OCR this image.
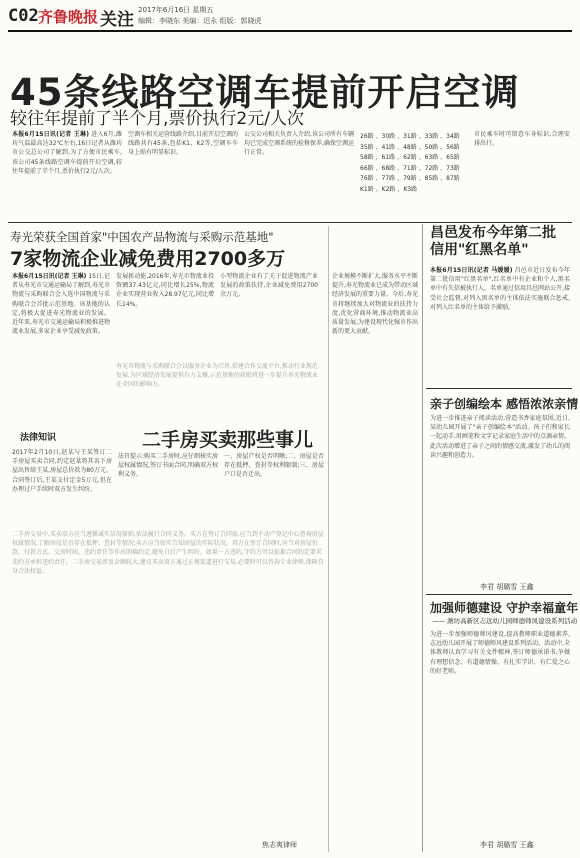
C02 齐鲁晚报 关注 2017年6月16日 星期五
编辑：李晓东 美编：迟永 组版：郭晓虎
45条线路空调车提前开启空调
较往年提前了半个月,票价执行2元/人次
本报6月15日讯(记者 王琳) 进入6月,潍坊气温最高达32℃左右,16日记者从潍坊市公交总公司了解到,为了方便市民乘车,该公司45条线路空调车提前开启空调,较往年提前了半个月,票价执行2元/人次。
空调车相关运营线路介绍,目前开启空调的线路共有45条,包括K1、K2等,空调车车身上贴有明显标识。
公交公司相关负责人介绍,该公司所有车辆均已完成空调系统的检修保养,确保空调运行正常。
26路 、30路 、31路 、33路 、34路
35路 、41路 、48路 、50路 、56路
58路 、61路 、62路 、63路 、65路
66路 、68路 、71路 、72路 、73路
76路 、77路 、79路 、85路 、87路
K1路 、K2路 、K3路
市民乘车时可留意车身标识,合理安排出行。
寿光荣获全国首家"中国农产品物流与采购示范基地"
7家物流企业减免费用2700多万
本报6月15日讯(记者 王琳) 15日,记者从寿光市交通运输局了解到,寿光市物流与采购联合会入选中国物流与采购联合会首批示范基地。该基地的认定,将极大促进寿光物流业的发展。 近年来,寿光市交通运输局积极推进物流业发展,多家企业享受减免政策。
发展新动能,2016年,寿光市物流业投资额37.43亿元,同比增长25%,物流企业实现营业收入28.97亿元,同比增长14%。
小型物流企业有了关于促进物流产业发展的政策扶持,企业减免费用2700余万元。
寿光市物流与采购联合会以服务企业为宗旨,搭建合作交流平台,推动行业规范发展,为区域经济发展提供有力支撑,示范基地的获批将进一步提升寿光物流业在全国的影响力。
昌邑发布今年第二批
信用"红黑名单"
本报6月15日讯(记者 马媛媛) 昌邑市近日发布今年第二批信用"红黑名单",红名单中有企业和个人,黑名单中有失信被执行人。名单通过信用昌邑网站公开,接受社会监督,对列入黑名单的主体依法实施联合惩戒,对列入红名单的主体给予激励。
法律知识	二手房买卖那些事儿
2017年2月10日,赵某与王某签订二手房屋买卖合同,约定赵某将其名下房屋出售给王某,房屋总价款为80万元。 合同签订后,王某支付定金5万元,但在办理过户手续时双方发生纠纷。
法官提示:购买二手房时,应仔细核实房屋权属情况,签订书面合同,明确双方权利义务。
一、房屋产权是否明晰;二、房屋是否存在抵押、查封等权利限制;三、房屋户口是否迁出。
二手房交易中,买卖双方应当遵循诚实信用原则,依法履行合同义务。买方在签订合同前,应当到不动产登记中心查询房屋权属情况,了解房屋是否存在抵押、查封等情况;卖方应当如实告知房屋的实际状况。双方在签订合同时,应当对房屋价款、付款方式、交房时间、违约责任等作出明确约定,避免日后产生纠纷。如果一方违约,守约方可以依据合同约定要求违约方承担违约责任。二手房交易涉及金额较大,建议买卖双方通过正规渠道进行交易,必要时可以咨询专业律师,保障自身合法权益。
焦志爽律师
企业规模不断扩大,服务水平不断提升,寿光物流业已成为带动区域经济发展的重要力量。今后,寿光市将继续加大对物流业的扶持力度,优化营商环境,推动物流业高质量发展,为建设现代化强市作出新的更大贡献。
亲子创编绘本 感悟浓浓亲情
为进一步推进亲子阅读活动,营造书香家庭氛围,近日,某幼儿园开展了"亲子创编绘本"活动。孩子们和家长一起动手,用画笔和文字记录家庭生活中的点滴亲情。此次活动增进了亲子之间的情感交流,激发了幼儿的阅读兴趣和创造力。
李君 胡璐雪 王鑫
加强师德建设 守护幸福童年
—— 潍坊高新区志远幼儿园师德师风建设系列活动
为进一步加强师德师风建设,提高教师职业道德素养,志远幼儿园开展了师德师风建设系列活动。活动中,全体教师认真学习有关文件精神,签订师德承诺书,争做有理想信念、有道德情操、有扎实学识、有仁爱之心的好老师。
李君 胡璐雪 王鑫
